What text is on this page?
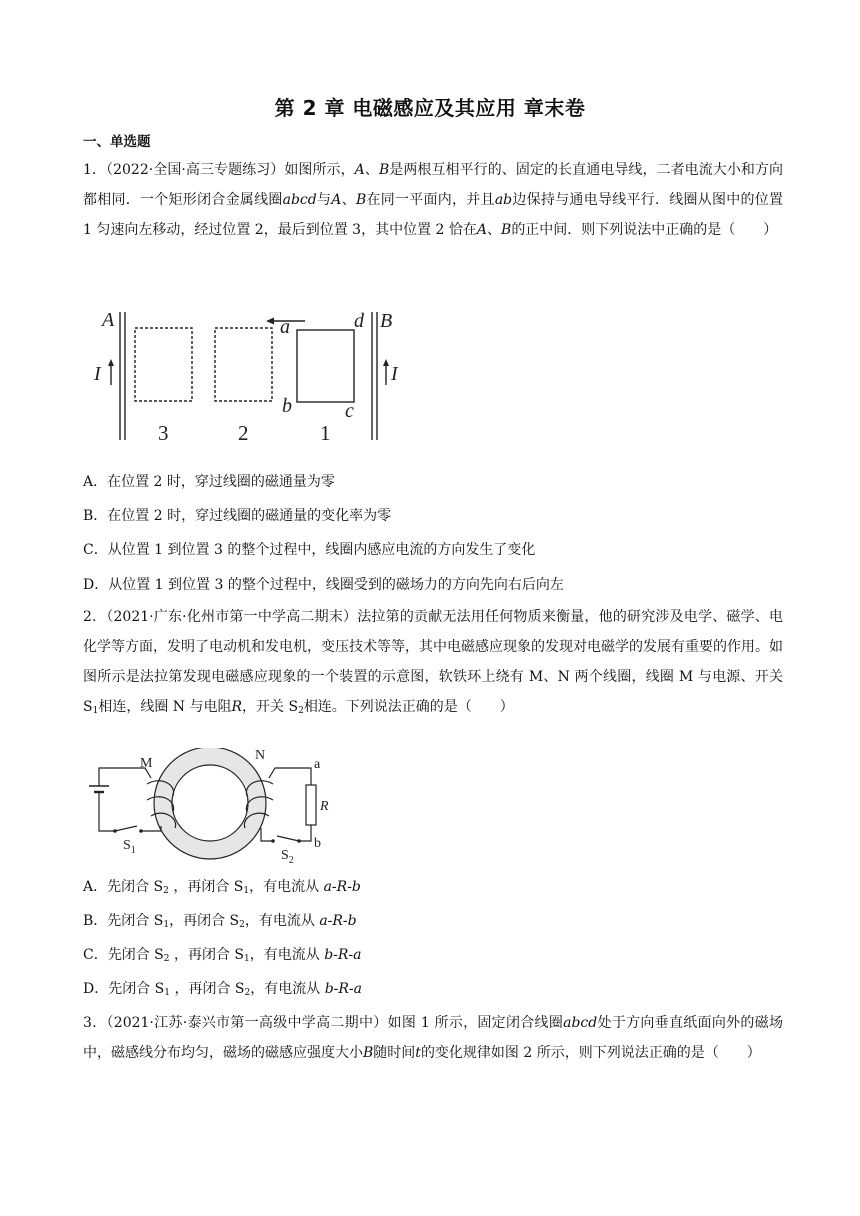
第 2 章 电磁感应及其应用 章末卷
一、单选题

1．（2022·全国·高三专题练习）如图所示，A、B是两根互相平行的、固定的长直通电导线，二者电流大小和方向都相同．一个矩形闭合金属线圈abcd与A、B在同一平面内，并且ab边保持与通电导线平行．线圈从图中的位置 1 匀速向左移动，经过位置 2，最后到位置 3，其中位置 2 恰在A、B的正中间．则下列说法中正确的是（　　）

A	B
I	I
a	d
b	c
3	2	1
A．在位置 2 时，穿过线圈的磁通量为零
B．在位置 2 时，穿过线圈的磁通量的变化率为零
C．从位置 1 到位置 3 的整个过程中，线圈内感应电流的方向发生了变化
D．从位置 1 到位置 3 的整个过程中，线圈受到的磁场力的方向先向右后向左

2．（2021·广东·化州市第一中学高二期末）法拉第的贡献无法用任何物质来衡量，他的研究涉及电学、磁学、电化学等方面，发明了电动机和发电机，变压技术等等，其中电磁感应现象的发现对电磁学的发展有重要的作用。如图所示是法拉第发现电磁感应现象的一个装置的示意图，软铁环上绕有 M、N 两个线圈，线圈 M 与电源、开关 $S_1$相连，线圈 N 与电阻R，开关 $S_2$相连。下列说法正确的是（　　）

M
N
a
b
R
$S_1$	$S_2$
A．先闭合 $S_2$ ，再闭合 $S_1$，有电流从 a-R-b
B．先闭合 $S_1$，再闭合 $S_2$，有电流从 a-R-b
C．先闭合 $S_2$ ，再闭合 $S_1$，有电流从 b-R-a
D．先闭合 $S_1$ ，再闭合 $S_2$，有电流从 b-R-a

3．（2021·江苏·泰兴市第一高级中学高二期中）如图 1 所示，固定闭合线圈abcd处于方向垂直纸面向外的磁场中，磁感线分布均匀，磁场的磁感应强度大小B随时间t的变化规律如图 2 所示，则下列说法正确的是（　　）
